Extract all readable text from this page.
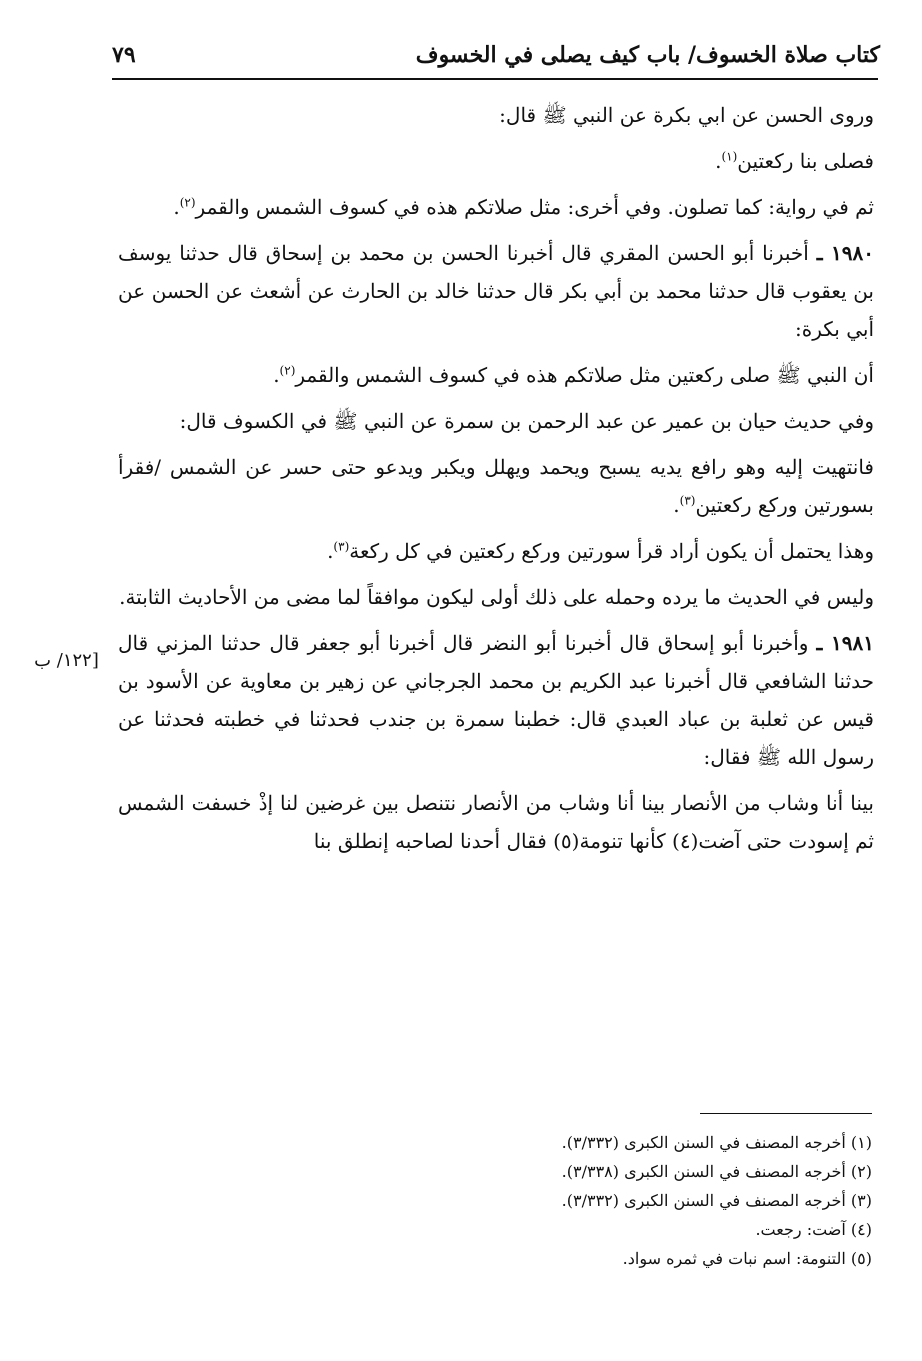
كتاب صلاة الخسوف/ باب كيف يصلى في الخسوف
٧٩
[١٢٢/ ب

وروى الحسن عن ابي بكرة عن النبي ﷺ قال:

فصلى بنا ركعتين$^{(١)}$.

ثم في رواية: كما تصلون. وفي أخرى: مثل صلاتكم هذه في كسوف الشمس والقمر$^{(٢)}$.

١٩٨٠ ـ أخبرنا أبو الحسن المقري قال أخبرنا الحسن بن محمد بن إسحاق قال حدثنا يوسف بن يعقوب قال حدثنا محمد بن أبي بكر قال حدثنا خالد بن الحارث عن أشعث عن الحسن عن أبي بكرة:

أن النبي ﷺ صلى ركعتين مثل صلاتكم هذه في كسوف الشمس والقمر$^{(٢)}$.

وفي حديث حيان بن عمير عن عبد الرحمن بن سمرة عن النبي ﷺ في الكسوف قال:

فانتهيت إليه وهو رافع يديه يسبح ويحمد ويهلل ويكبر ويدعو حتى حسر عن الشمس /فقرأ بسورتين وركع ركعتين$^{(٣)}$.

وهذا يحتمل أن يكون أراد قرأ سورتين وركع ركعتين في كل ركعة$^{(٣)}$.

وليس في الحديث ما يرده وحمله على ذلك أولى ليكون موافقاً لما مضى من الأحاديث الثابتة.

١٩٨١ ـ وأخبرنا أبو إسحاق قال أخبرنا أبو النضر قال أخبرنا أبو جعفر قال حدثنا المزني قال حدثنا الشافعي قال أخبرنا عبد الكريم بن محمد الجرجاني عن زهير بن معاوية عن الأسود بن قيس عن ثعلبة بن عباد العبدي قال: خطبنا سمرة بن جندب فحدثنا في خطبته فحدثنا عن رسول الله ﷺ فقال:

بينا أنا وشاب من الأنصار بينا أنا وشاب من الأنصار نتنصل بين غرضين لنا إذْ خسفت الشمس ثم إسودت حتى آضت(٤) كأنها تنومة(٥) فقال أحدنا لصاحبه إنطلق بنا

(١) أخرجه المصنف في السنن الكبرى (٣/٣٣٢).
(٢) أخرجه المصنف في السنن الكبرى (٣/٣٣٨).
(٣) أخرجه المصنف في السنن الكبرى (٣/٣٣٢).
(٤) آضت: رجعت.
(٥) التنومة: اسم نبات في ثمره سواد.
